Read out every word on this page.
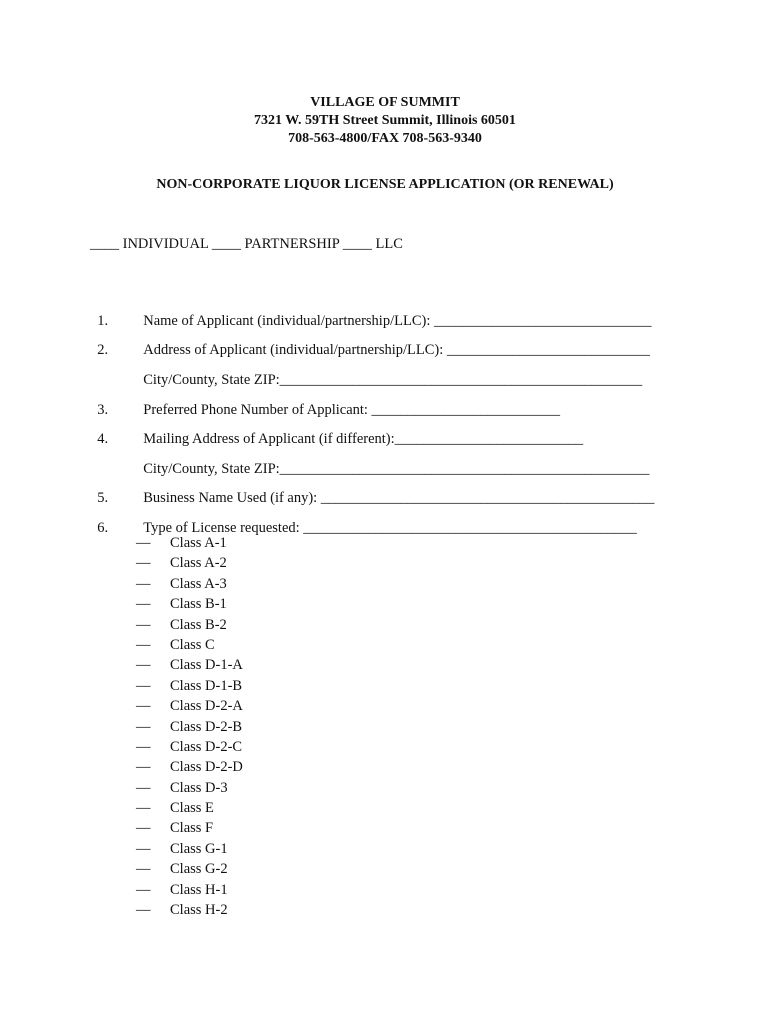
VILLAGE OF SUMMIT
7321 W. 59TH Street Summit, Illinois 60501
708-563-4800/FAX 708-563-9340
NON-CORPORATE LIQUOR LICENSE APPLICATION (OR RENEWAL)
____ INDIVIDUAL ____ PARTNERSHIP ____ LLC

1. Name of Applicant (individual/partnership/LLC): ______________________________

2. Address of Applicant (individual/partnership/LLC): ____________________________

City/County, State ZIP:__________________________________________________

3. Preferred Phone Number of Applicant: __________________________

4. Mailing Address of Applicant (if different):__________________________

City/County, State ZIP:___________________________________________________

5. Business Name Used (if any): ______________________________________________

6. Type of License requested: ______________________________________________

— Class A-1
— Class A-2
— Class A-3
— Class B-1
— Class B-2
— Class C
— Class D-1-A
— Class D-1-B
— Class D-2-A
— Class D-2-B
— Class D-2-C
— Class D-2-D
— Class D-3
— Class E
— Class F
— Class G-1
— Class G-2
— Class H-1
— Class H-2
